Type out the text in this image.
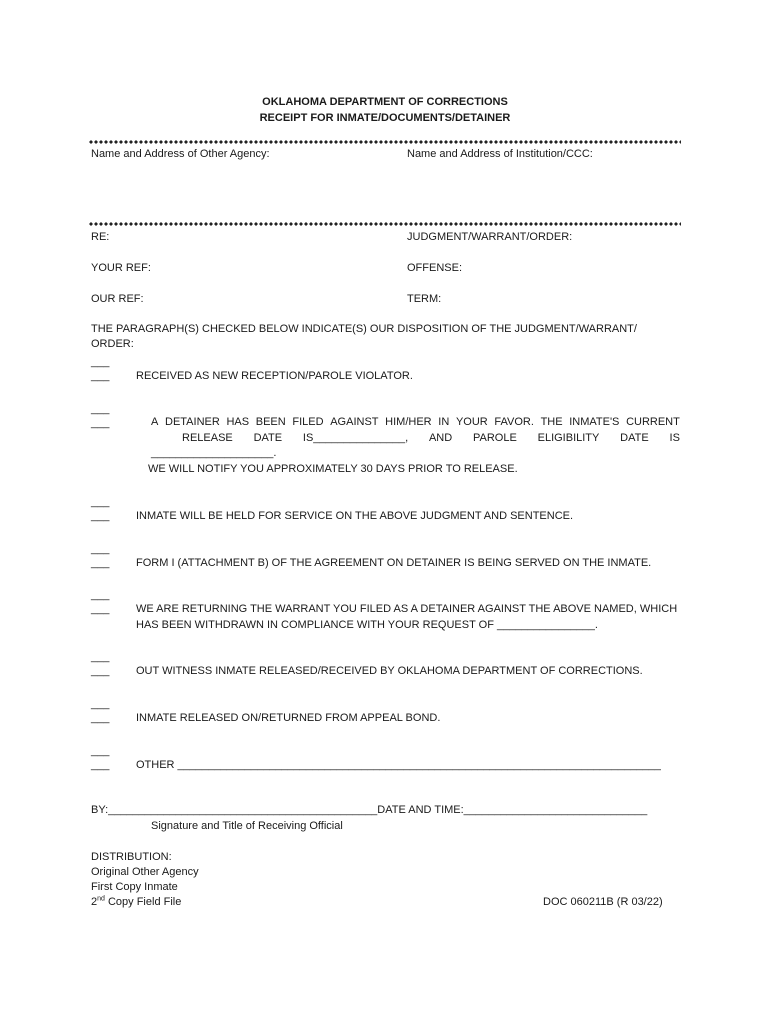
OKLAHOMA DEPARTMENT OF CORRECTIONS
RECEIPT FOR INMATE/DOCUMENTS/DETAINER
Name and Address of Other Agency:	Name and Address of Institution/CCC:
RE:	JUDGMENT/WARRANT/ORDER:
YOUR REF:	OFFENSE:
OUR REF:	TERM:
THE PARAGRAPH(S) CHECKED BELOW INDICATE(S) OUR DISPOSITION OF THE JUDGMENT/WARRANT/
ORDER:
___
___ RECEIVED AS NEW RECEPTION/PAROLE VIOLATOR.
___
___	A DETAINER HAS BEEN FILED AGAINST HIM/HER IN YOUR FAVOR. THE INMATE'S CURRENT
RELEASE DATE IS_______________, AND PAROLE ELIGIBILITY DATE IS
____________________.
WE WILL NOTIFY YOU APPROXIMATELY 30 DAYS PRIOR TO RELEASE.
___
___ INMATE WILL BE HELD FOR SERVICE ON THE ABOVE JUDGMENT AND SENTENCE.
___
___ FORM I (ATTACHMENT B) OF THE AGREEMENT ON DETAINER IS BEING SERVED ON THE INMATE.
___
___ WE ARE RETURNING THE WARRANT YOU FILED AS A DETAINER AGAINST THE ABOVE NAMED, WHICH
HAS BEEN WITHDRAWN IN COMPLIANCE WITH YOUR REQUEST OF ________________.
___
___ OUT WITNESS INMATE RELEASED/RECEIVED BY OKLAHOMA DEPARTMENT OF CORRECTIONS.
___
___ INMATE RELEASED ON/RETURNED FROM APPEAL BOND.
___
___ OTHER _______________________________________________________________________________
BY:____________________________________________DATE AND TIME:______________________________
Signature and Title of Receiving Official
DISTRIBUTION:
Original Other Agency
First Copy Inmate
2nd Copy Field File	DOC 060211B (R 03/22)
